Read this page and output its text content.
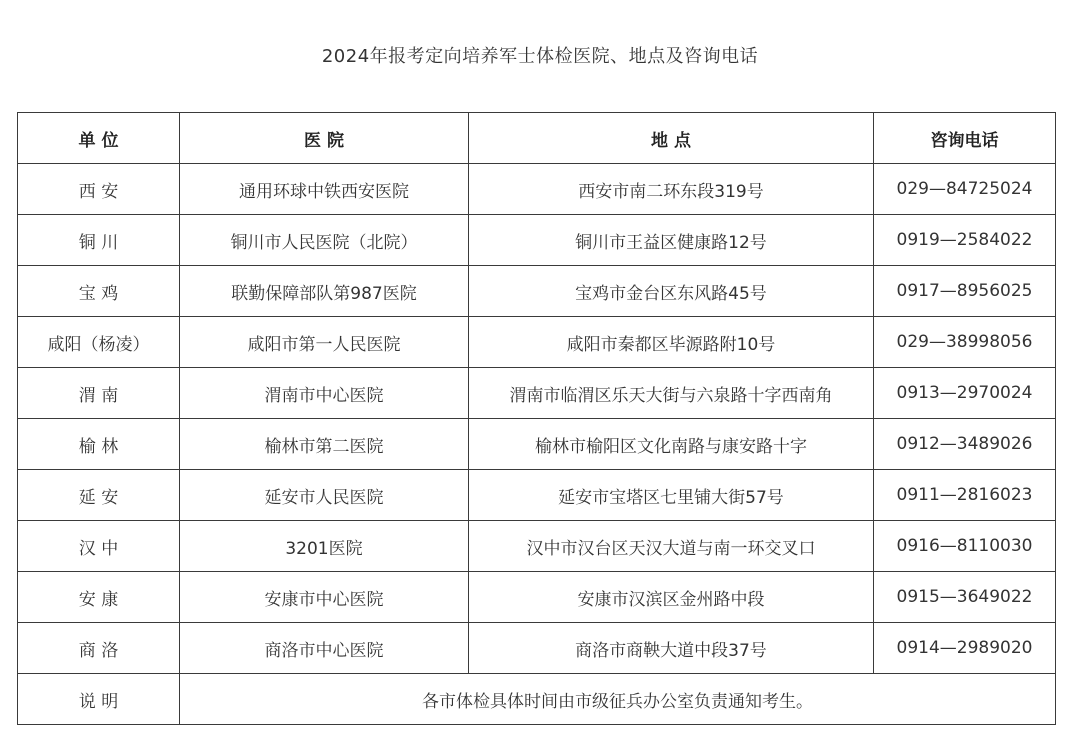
2024年报考定向培养军士体检医院、地点及咨询电话
单 位	医 院	地 点	咨询电话
西 安	通用环球中铁西安医院	西安市南二环东段319号	029—84725024
铜 川	铜川市人民医院（北院）	铜川市王益区健康路12号	0919—2584022
宝 鸡	联勤保障部队第987医院	宝鸡市金台区东风路45号	0917—8956025
咸阳（杨凌）	咸阳市第一人民医院	咸阳市秦都区毕源路附10号	029—38998056
渭 南	渭南市中心医院	渭南市临渭区乐天大街与六泉路十字西南角	0913—2970024
榆 林	榆林市第二医院	榆林市榆阳区文化南路与康安路十字	0912—3489026
延 安	延安市人民医院	延安市宝塔区七里铺大街57号	0911—2816023
汉 中	3201医院	汉中市汉台区天汉大道与南一环交叉口	0916—8110030
安 康	安康市中心医院	安康市汉滨区金州路中段	0915—3649022
商 洛	商洛市中心医院	商洛市商鞅大道中段37号	0914—2989020
说 明	各市体检具体时间由市级征兵办公室负责通知考生。		
